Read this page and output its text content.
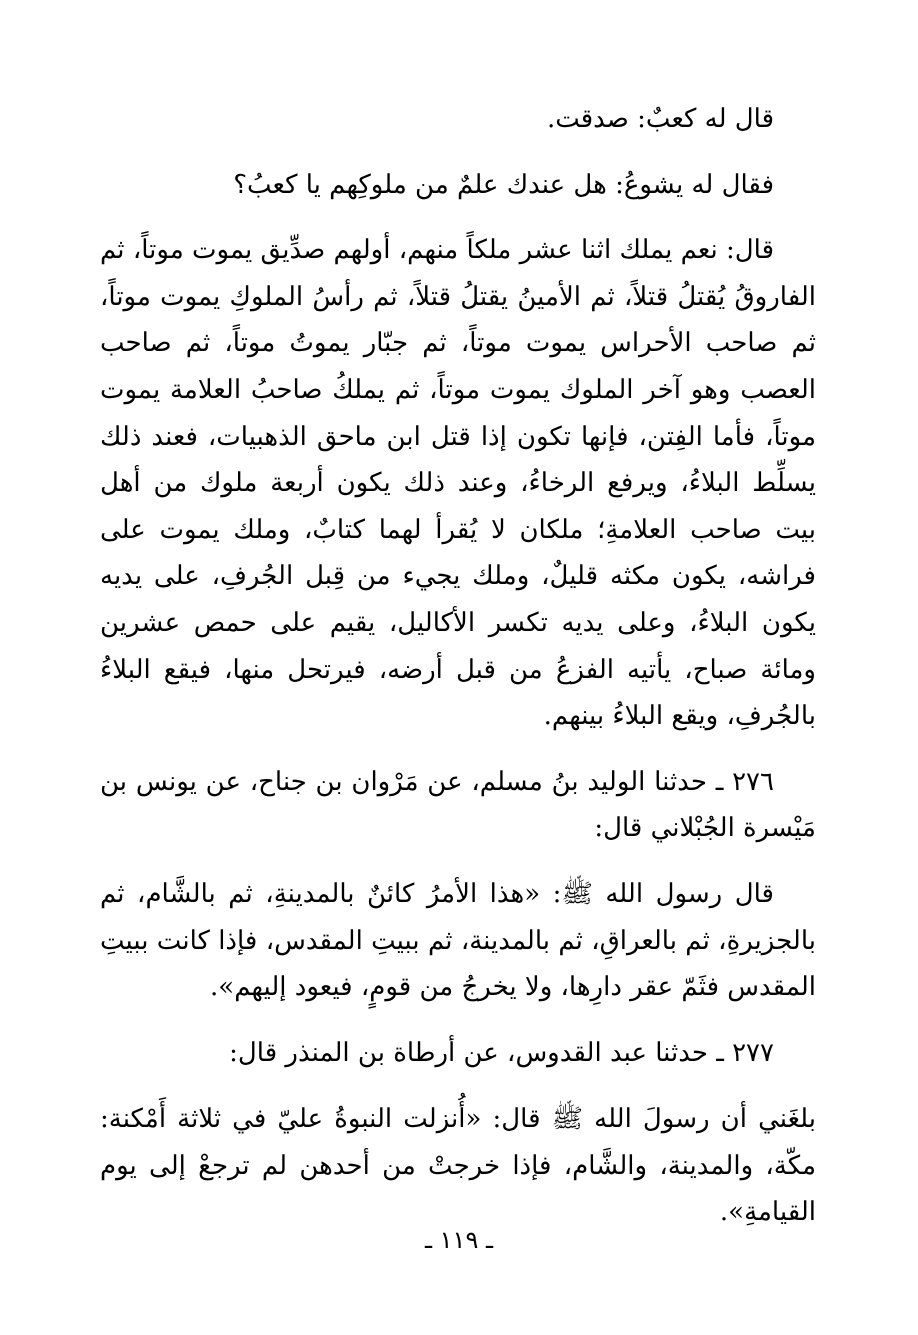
قال له كعبٌ: صدقت.

فقال له يشوعُ: هل عندك علمٌ من ملوكِهم يا كعبُ؟

قال: نعم يملك اثنا عشر ملكاً منهم، أولهم صدِّيق يموت موتاً، ثم الفاروقُ يُقتلُ قتلاً، ثم الأمينُ يقتلُ قتلاً، ثم رأسُ الملوكِ يموت موتاً، ثم صاحب الأحراس يموت موتاً، ثم جبّار يموتُ موتاً، ثم صاحب العصب وهو آخر الملوك يموت موتاً، ثم يملكُ صاحبُ العلامة يموت موتاً، فأما الفِتن، فإنها تكون إذا قتل ابن ماحق الذهبيات، فعند ذلك يسلِّط البلاءُ، ويرفع الرخاءُ، وعند ذلك يكون أربعة ملوك من أهل بيت صاحب العلامةِ؛ ملكان لا يُقرأ لهما كتابٌ، وملك يموت على فراشه، يكون مكثه قليلٌ، وملك يجيء من قِبل الجُرفِ، على يديه يكون البلاءُ، وعلى يديه تكسر الأكاليل، يقيم على حمص عشرين ومائة صباح، يأتيه الفزعُ من قبل أرضه، فيرتحل منها، فيقع البلاءُ بالجُرفِ، ويقع البلاءُ بينهم.

٢٧٦ ـ حدثنا الوليد بنُ مسلم، عن مَرْوان بن جناح، عن يونس بن مَيْسرة الجُبْلاني قال:

قال رسول الله ﷺ: «هذا الأمرُ كائنٌ بالمدينةِ، ثم بالشَّام، ثم بالجزيرةِ، ثم بالعراقِ، ثم بالمدينة، ثم ببيتِ المقدس، فإذا كانت ببيتِ المقدس فثَمّ عقر دارِها، ولا يخرجُ من قومٍ، فيعود إليهم».

٢٧٧ ـ حدثنا عبد القدوس، عن أرطاة بن المنذر قال:

بلغَني أن رسولَ الله ﷺ قال: «أُنزلت النبوةُ عليّ في ثلاثة أَمْكنة: مكّة، والمدينة، والشَّام، فإذا خرجتْ من أحدهن لم ترجعْ إلى يوم القيامةِ».

ـ ١١٩ ـ
